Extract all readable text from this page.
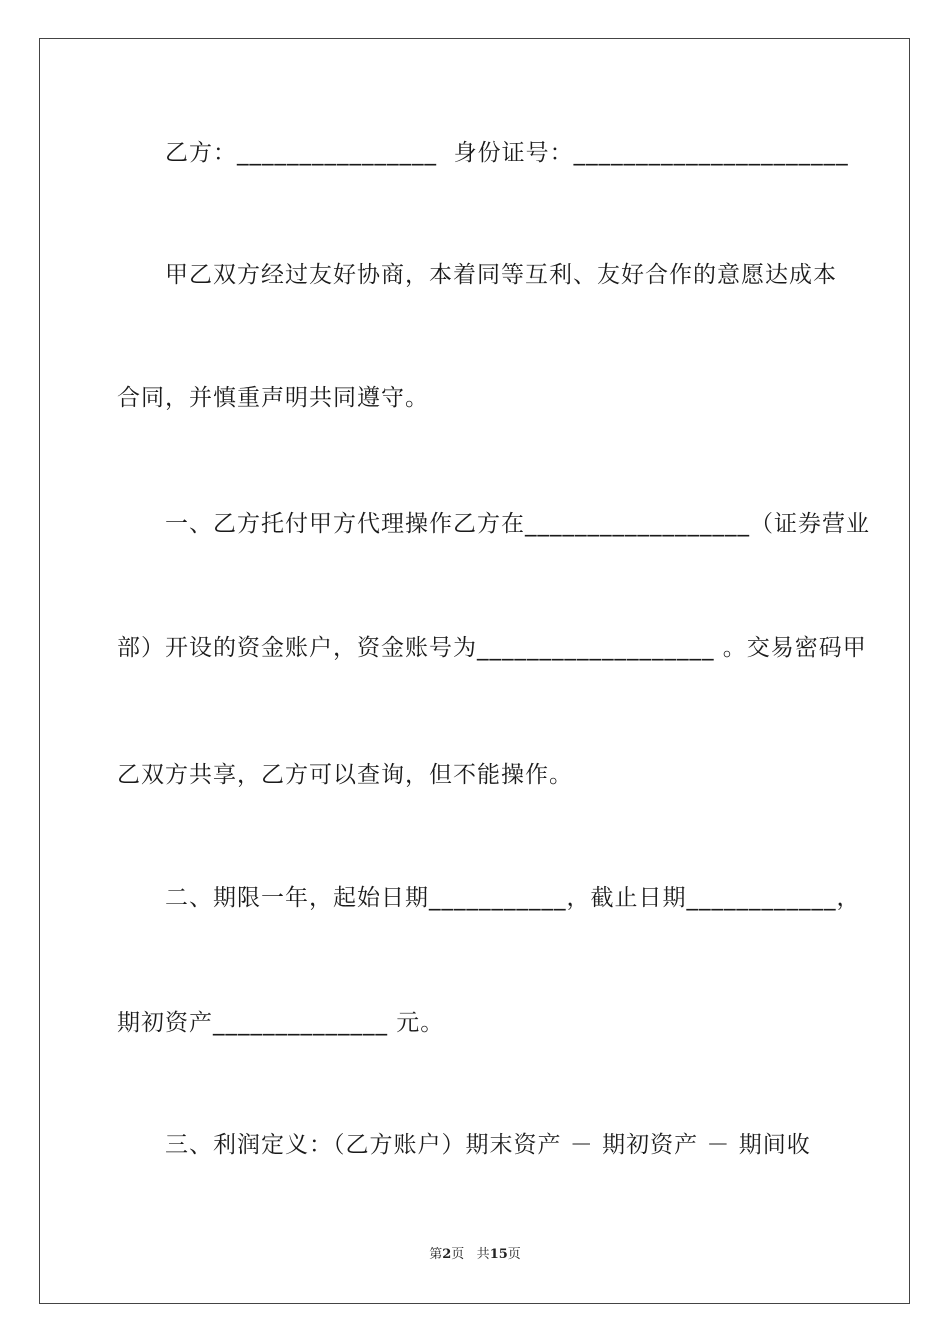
乙方：________________  身份证号：______________________
甲乙双方经过友好协商，本着同等互利、友好合作的意愿达成本
合同，并慎重声明共同遵守。
一、乙方托付甲方代理操作乙方在__________________（证券营业
部）开设的资金账户，资金账号为___________________ 。交易密码甲
乙双方共享，乙方可以查询，但不能操作。
二、期限一年，起始日期___________，截止日期____________，
期初资产______________ 元。
三、利润定义：（乙方账户）期末资产 － 期初资产 － 期间收
第2页 共15页
